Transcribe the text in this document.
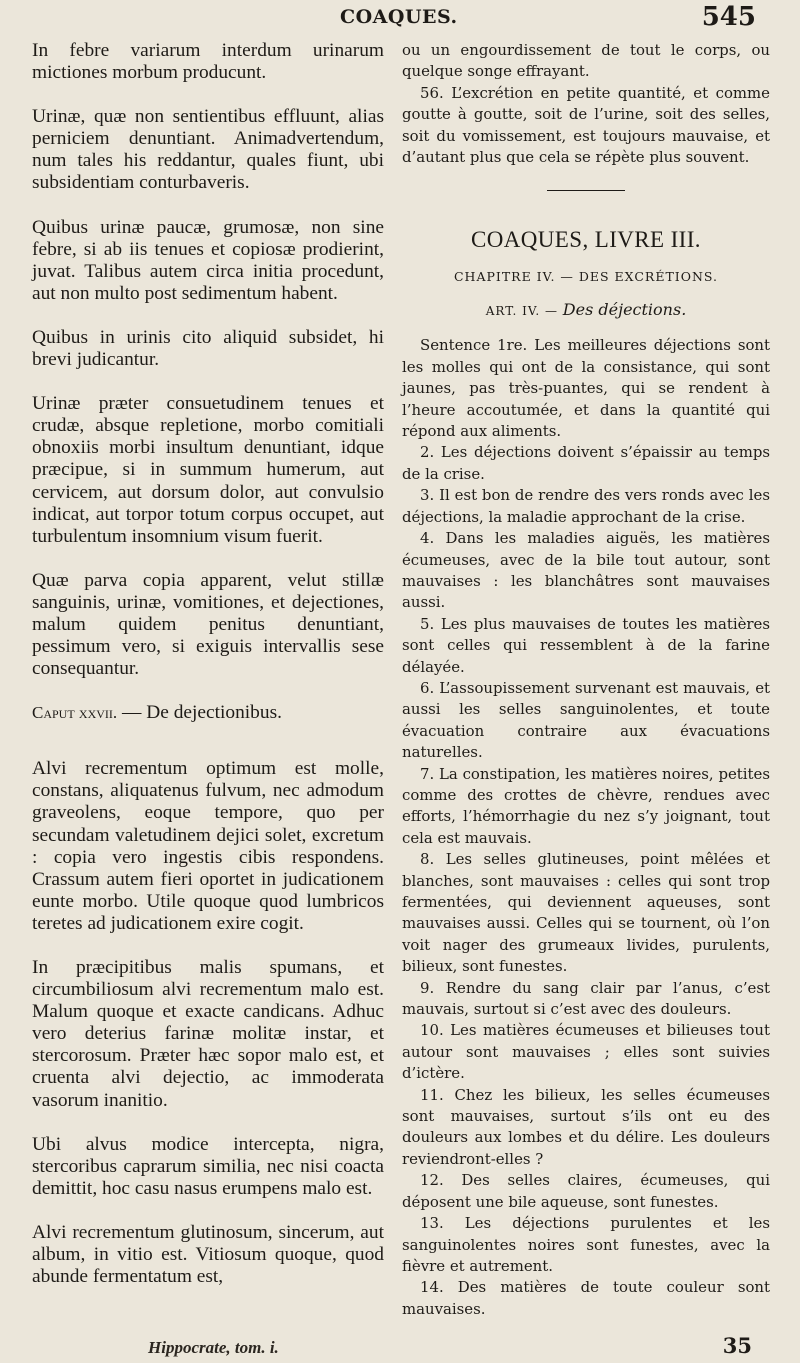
COAQUES.	545

In febre variarum interdum urinarum mictiones morbum producunt.

Urinæ, quæ non sentientibus effluunt, alias perniciem denuntiant. Animadvertendum, num tales his reddantur, quales fiunt, ubi subsidentiam conturbaveris.

Quibus urinæ paucæ, grumosæ, non sine febre, si ab iis tenues et copiosæ prodierint, juvat. Talibus autem circa initia procedunt, aut non multo post sedimentum habent.

Quibus in urinis cito aliquid subsidet, hi brevi judicantur.

Urinæ præter consuetudinem tenues et crudæ, absque repletione, morbo comitiali obnoxiis morbi insultum denuntiant, idque præcipue, si in summum humerum, aut cervicem, aut dorsum dolor, aut convulsio indicat, aut torpor totum corpus occupet, aut turbulentum insomnium visum fuerit.

Quæ parva copia apparent, velut stillæ sanguinis, urinæ, vomitiones, et dejectiones, malum quidem penitus denuntiant, pessimum vero, si exiguis intervallis sese consequantur.

Caput xxvii. — De dejectionibus.

Alvi recrementum optimum est molle, constans, aliquatenus fulvum, nec admodum graveolens, eoque tempore, quo per secundam valetudinem dejici solet, excretum : copia vero ingestis cibis respondens. Crassum autem fieri oportet in judicationem eunte morbo. Utile quoque quod lumbricos teretes ad judicationem exire cogit.

In præcipitibus malis spumans, et circumbiliosum alvi recrementum malo est. Malum quoque et exacte candicans. Adhuc vero deterius farinæ molitæ instar, et stercorosum. Præter hæc sopor malo est, et cruenta alvi dejectio, ac immoderata vasorum inanitio.

Ubi alvus modice intercepta, nigra, stercoribus caprarum similia, nec nisi coacta demittit, hoc casu nasus erumpens malo est.

Alvi recrementum glutinosum, sincerum, aut album, in vitio est. Vitiosum quoque, quod abunde fermentatum est,

ou un engourdissement de tout le corps, ou quelque songe effrayant.

56. L’excrétion en petite quantité, et comme goutte à goutte, soit de l’urine, soit des selles, soit du vomissement, est toujours mauvaise, et d’autant plus que cela se répète plus souvent.

COAQUES, LIVRE III.
CHAPITRE IV. — DES EXCRÉTIONS.
ART. IV. — Des déjections.

Sentence 1re. Les meilleures déjections sont les molles qui ont de la consistance, qui sont jaunes, pas très-puantes, qui se rendent à l’heure accoutumée, et dans la quantité qui répond aux aliments.

2. Les déjections doivent s’épaissir au temps de la crise.

3. Il est bon de rendre des vers ronds avec les déjections, la maladie approchant de la crise.

4. Dans les maladies aiguës, les matières écumeuses, avec de la bile tout autour, sont mauvaises : les blanchâtres sont mauvaises aussi.

5. Les plus mauvaises de toutes les matières sont celles qui ressemblent à de la farine délayée.

6. L’assoupissement survenant est mauvais, et aussi les selles sanguinolentes, et toute évacuation contraire aux évacuations naturelles.

7. La constipation, les matières noires, petites comme des crottes de chèvre, rendues avec efforts, l’hémorrhagie du nez s’y joignant, tout cela est mauvais.

8. Les selles glutineuses, point mêlées et blanches, sont mauvaises : celles qui sont trop fermentées, qui deviennent aqueuses, sont mauvaises aussi. Celles qui se tournent, où l’on voit nager des grumeaux livides, purulents, bilieux, sont funestes.

9. Rendre du sang clair par l’anus, c’est mauvais, surtout si c’est avec des douleurs.

10. Les matières écumeuses et bilieuses tout autour sont mauvaises ; elles sont suivies d’ictère.

11. Chez les bilieux, les selles écumeuses sont mauvaises, surtout s’ils ont eu des douleurs aux lombes et du délire. Les douleurs reviendront-elles ?

12. Des selles claires, écumeuses, qui déposent une bile aqueuse, sont funestes.

13. Les déjections purulentes et les sanguinolentes noires sont funestes, avec la fièvre et autrement.

14. Des matières de toute couleur sont mauvaises.

Hippocrate, tom. i.	35
